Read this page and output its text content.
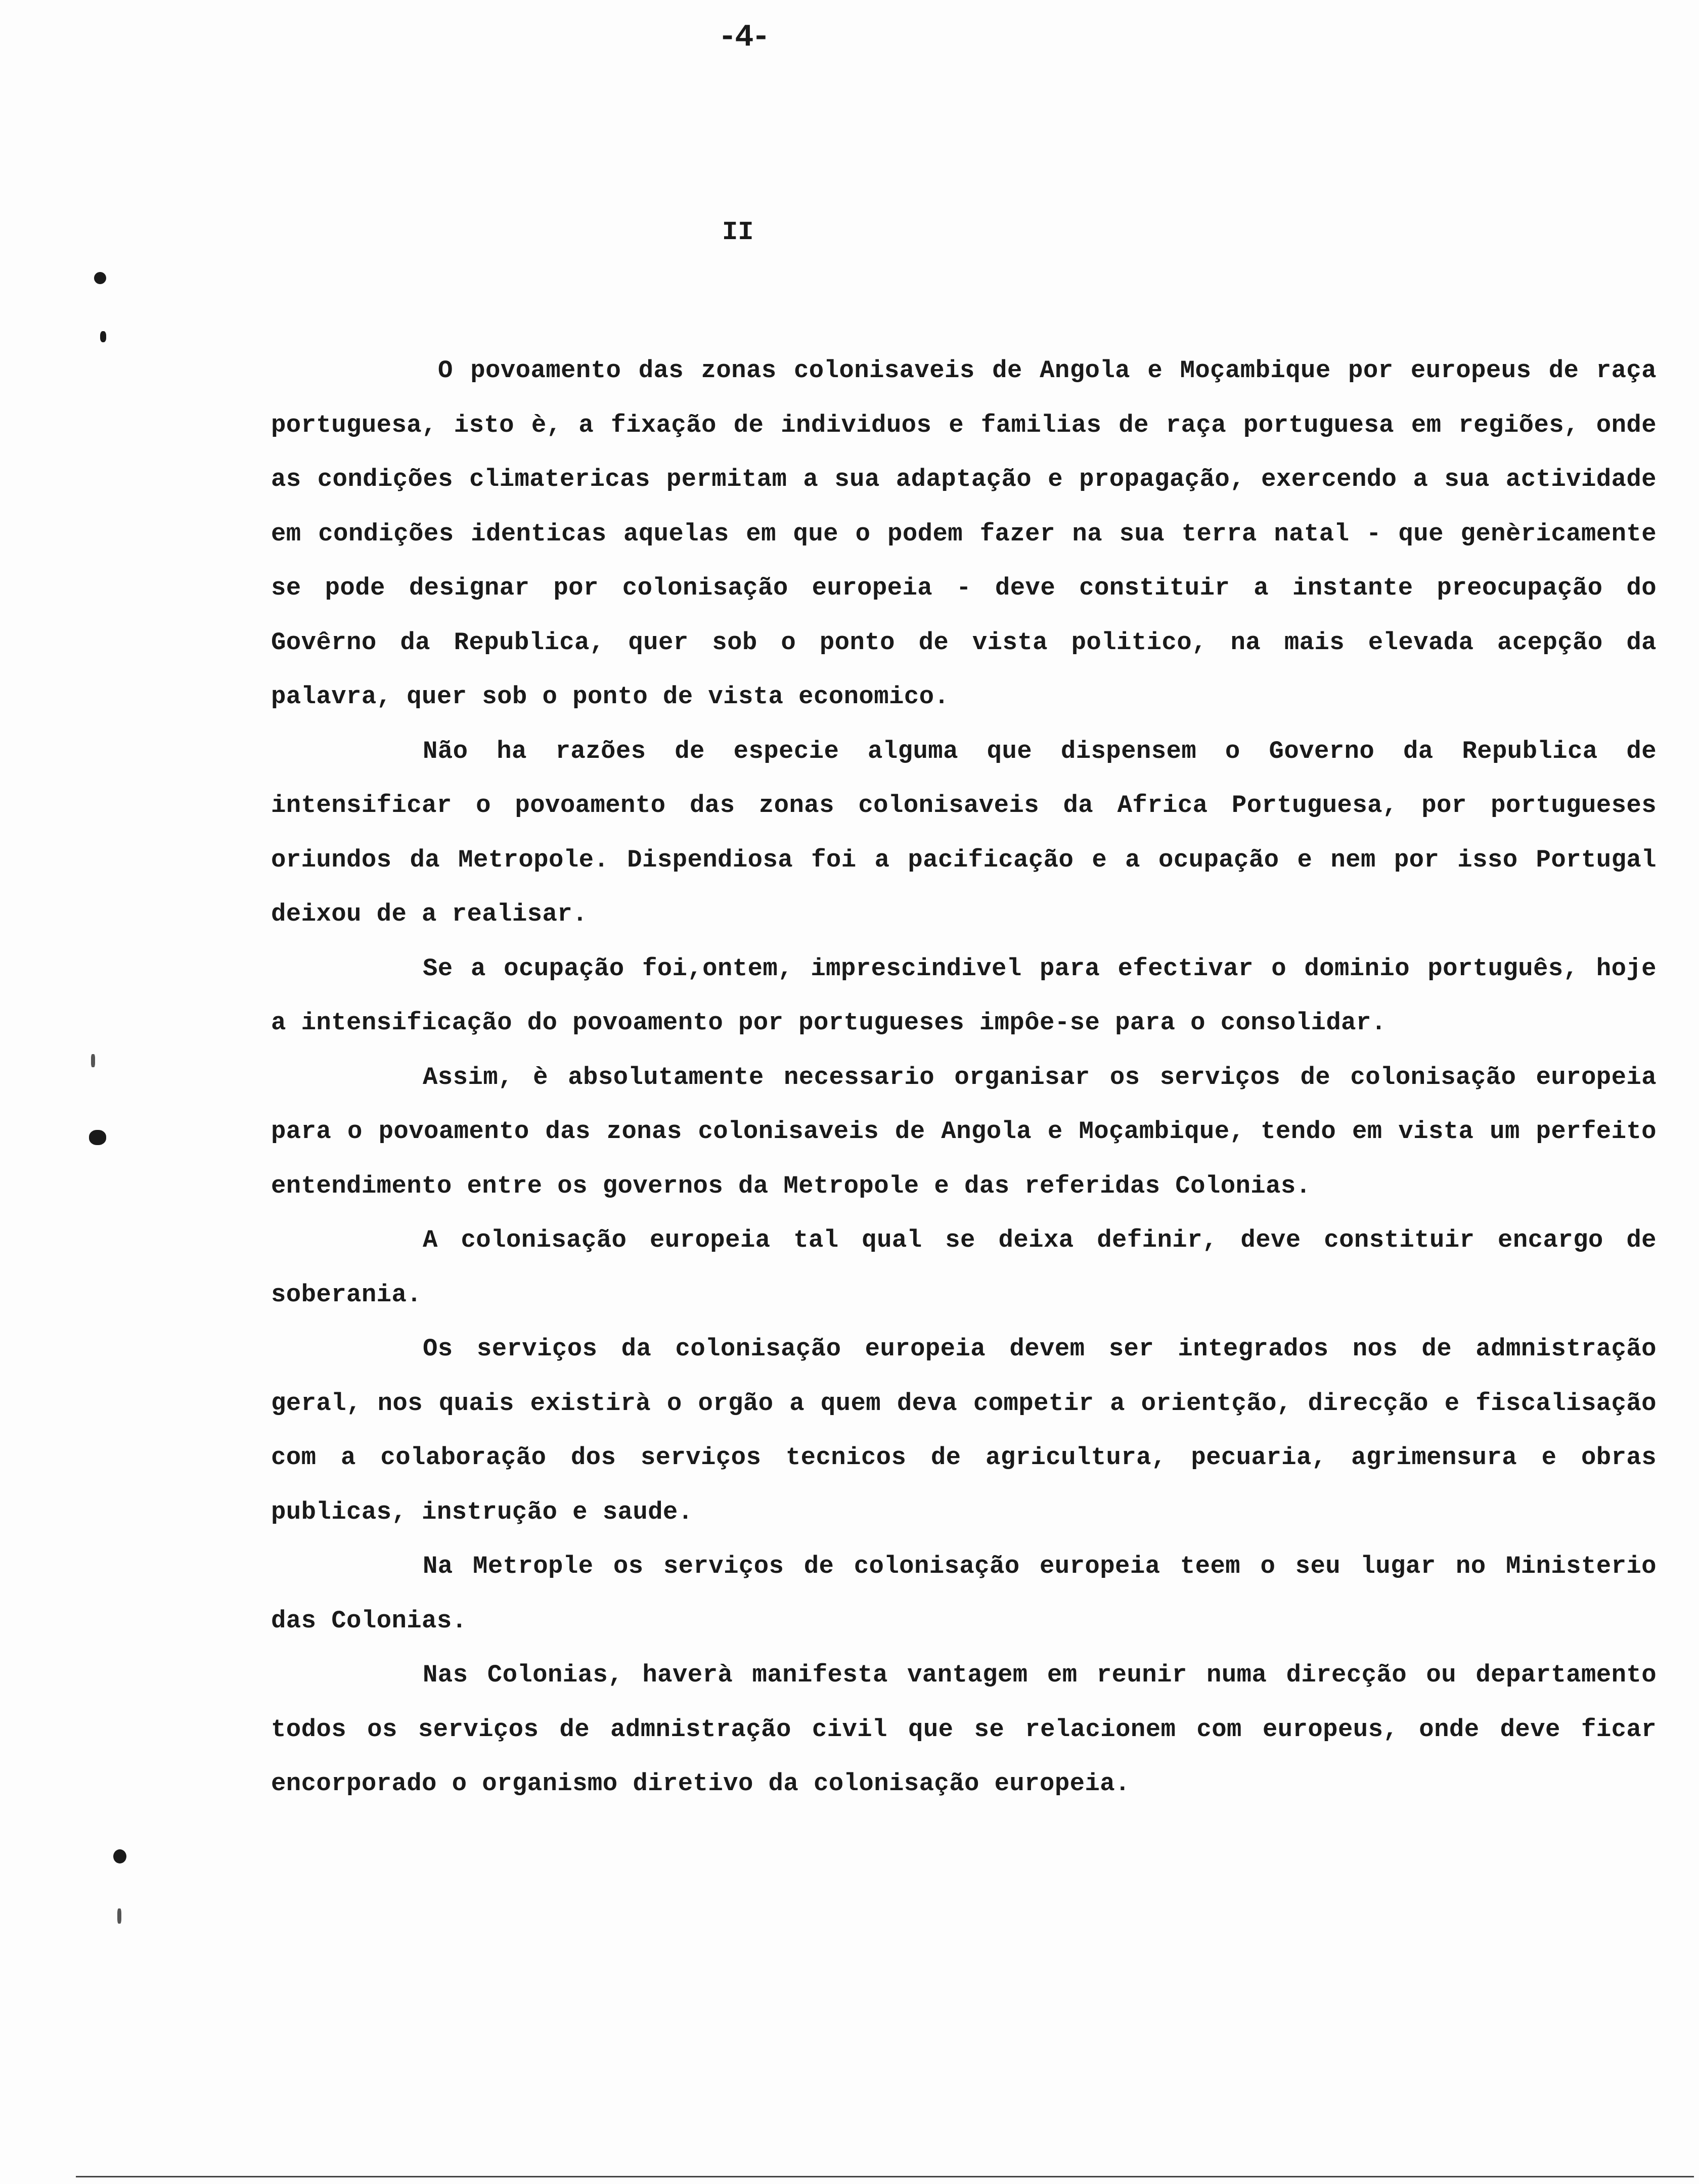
-4-
II

O povoamento das zonas colonisaveis de Angola e Moçambique por europeus de raça portuguesa, isto è, a fixação de individuos e familias de raça portuguesa em regiões, onde as condições climatericas permitam a sua adaptação e propagação, exercendo a sua actividade em condições identicas aquelas em que o podem fazer na sua terra natal - que genèricamente se pode designar por colonisação europeia - deve constituir a instante preocupação do Govêrno da Republica, quer sob o ponto de vista politico, na mais elevada acepção da palavra, quer sob o ponto de vista economico.

Não ha razões de especie alguma que dispensem o Governo da Republica de intensificar o povoamento das zonas colonisaveis da Africa Portuguesa, por portugueses oriundos da Metropole. Dispendiosa foi a pacificação e a ocupação e nem por isso Portugal deixou de a realisar.

Se a ocupação foi,ontem, imprescindivel para efectivar o dominio português, hoje a intensificação do povoamento por portugueses impôe-se para o consolidar.

Assim, è absolutamente necessario organisar os serviços de colonisação europeia para o povoamento das zonas colonisaveis de Angola e Moçambique, tendo em vista um perfeito entendimento entre os governos da Metropole e das referidas Colonias.

A colonisação europeia tal qual se deixa definir, deve constituir encargo de soberania.

Os serviços da colonisação europeia devem ser integrados nos de admnistração geral, nos quais existirà o orgão a quem deva competir a orientção, direcção e fiscalisação com a colaboração dos serviços tecnicos de agricultura, pecuaria, agrimensura e obras publicas, instrução e saude.

Na Metrople os serviços de colonisação europeia teem o seu lugar no Ministerio das Colonias.

Nas Colonias, haverà manifesta vantagem em reunir numa direcção ou departamento todos os serviços de admnistração civil que se relacionem com europeus, onde deve ficar encorporado o organismo diretivo da colonisação europeia.
